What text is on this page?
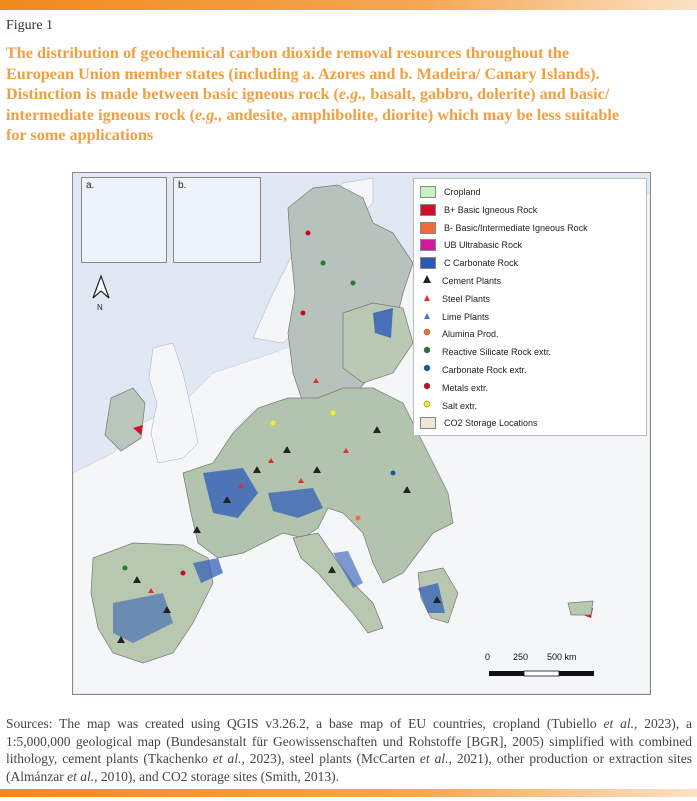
Figure 1
The distribution of geochemical carbon dioxide removal resources throughout the
European Union member states (including a. Azores and b. Madeira/ Canary Islands).
Distinction is made between basic igneous rock (e.g., basalt, gabbro, dolerite) and basic/
intermediate igneous rock (e.g., andesite, amphibolite, diorite) which may be less suitable
for some applications
a.	b.
Cropland
B+ Basic Igneous Rock
B- Basic/Intermediate Igneous Rock
UB Ultrabasic Rock
C Carbonate Rock
Cement Plants
Steel Plants
Lime Plants
Alumina Prod.
Reactive Silicate Rock extr.
Carbonate Rock extr.
Metals extr.
Salt extr.
CO2 Storage Locations
0	250 500 km
N
Sources: The map was created using QGIS v3.26.2, a base map of EU countries, cropland (Tubiello et al., 2023), a 1:5,000,000 geological map (Bundesanstalt für Geowissenschaften und Rohstoffe [BGR], 2005) simplified with combined lithology, cement plants (Tkachenko et al., 2023), steel plants (McCarten et al., 2021), other production or extraction sites (Almánzar et al., 2010), and CO2 storage sites (Smith, 2013).
